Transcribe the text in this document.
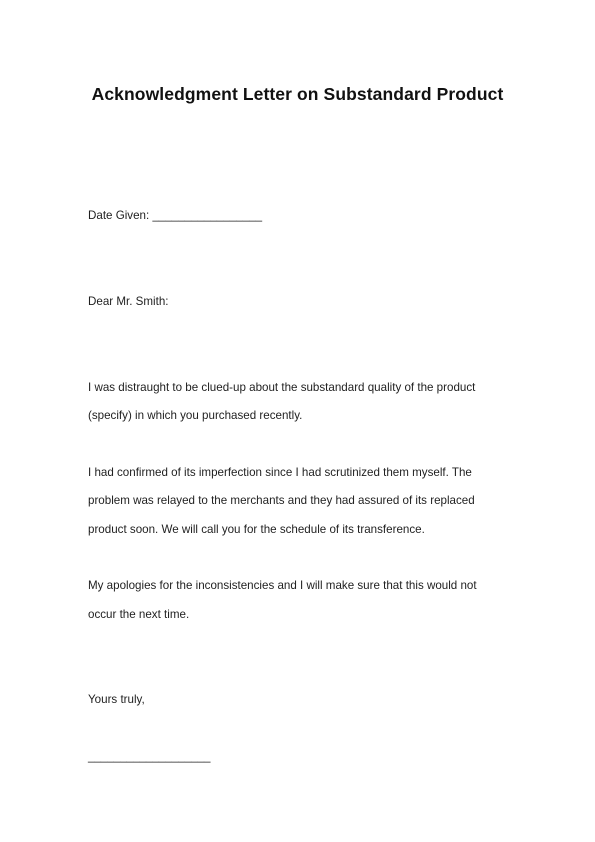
Acknowledgment Letter on Substandard Product
Date Given: _________________
Dear Mr. Smith:
I was distraught to be clued-up about the substandard quality of the product
(specify) in which you purchased recently.
I had confirmed of its imperfection since I had scrutinized them myself. The
problem was relayed to the merchants and they had assured of its replaced
product soon. We will call you for the schedule of its transference.
My apologies for the inconsistencies and I will make sure that this would not
occur the next time.
Yours truly,
___________________
